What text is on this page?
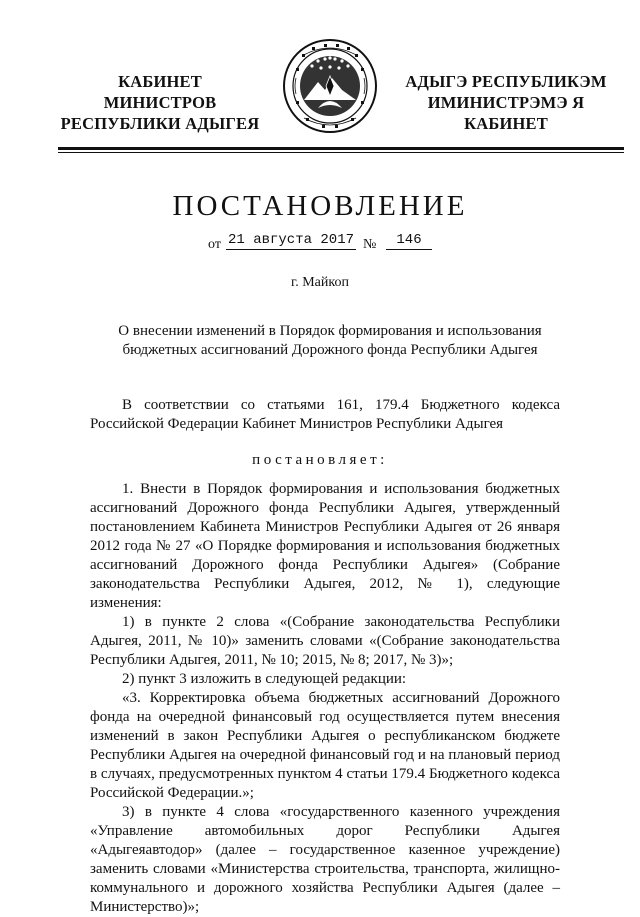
КАБИНЕТ МИНИСТРОВ
РЕСПУБЛИКИ АДЫГЕЯ
АДЫГЭ РЕСПУБЛИКЭМ
ИМИНИСТРЭМЭ Я КАБИНЕТ
ПОСТАНОВЛЕНИЕ
от 21 августа 2017 №	146
г. Майкоп
О внесении изменений в Порядок формирования и использования бюджетных ассигнований Дорожного фонда Республики Адыгея

В соответствии со статьями 161, 179.4 Бюджетного кодекса Российской Федерации Кабинет Министров Республики Адыгея

постановляет:

1. Внести в Порядок формирования и использования бюджетных ассигнований Дорожного фонда Республики Адыгея, утвержденный постановлением Кабинета Министров Республики Адыгея от 26 января 2012 года № 27 «О Порядке формирования и использования бюджетных ассигнований Дорожного фонда Республики Адыгея» (Собрание законодательства Республики Адыгея, 2012, № 1), следующие изменения:

1) в пункте 2 слова «(Собрание законодательства Республики Адыгея, 2011, № 10)» заменить словами «(Собрание законодательства Республики Адыгея, 2011, № 10; 2015, № 8; 2017, № 3)»;

2) пункт 3 изложить в следующей редакции:

«3. Корректировка объема бюджетных ассигнований Дорожного фонда на очередной финансовый год осуществляется путем внесения изменений в закон Республики Адыгея о республиканском бюджете Республики Адыгея на очередной финансовый год и на плановый период в случаях, предусмотренных пунктом 4 статьи 179.4 Бюджетного кодекса Российской Федерации.»;

3) в пункте 4 слова «государственного казенного учреждения «Управление автомобильных дорог Республики Адыгея «Адыгеяавтодор» (далее – государственное казенное учреждение) заменить словами «Министерства строительства, транспорта, жилищно-коммунального и дорожного хозяйства Республики Адыгея (далее – Министерство)»;
